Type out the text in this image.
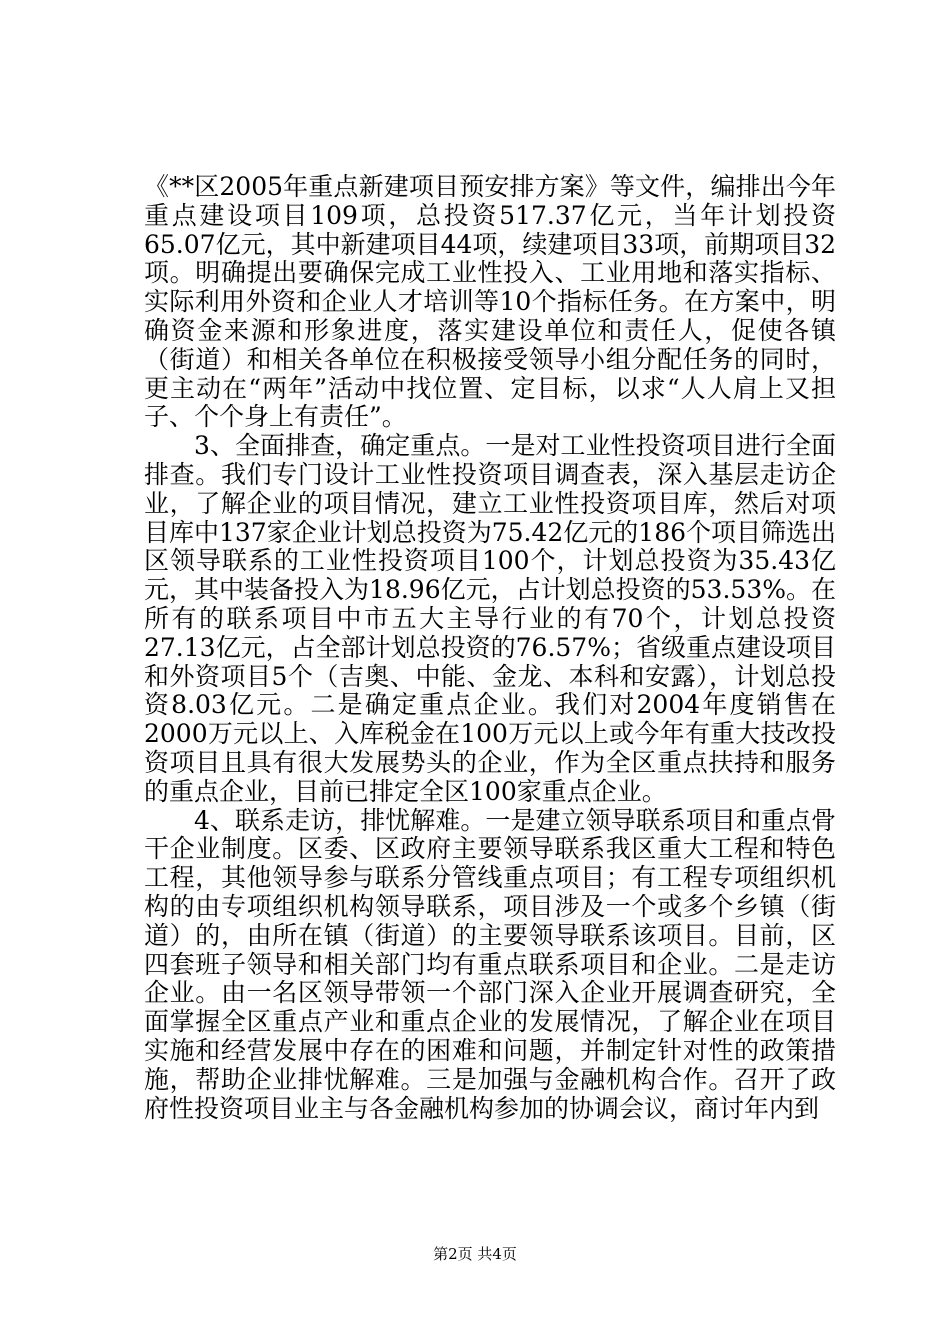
《**区2005年重点新建项目预安排方案》等文件，编排出今年重点建设项目109项，总投资517.37亿元，当年计划投资65.07亿元，其中新建项目44项，续建项目33项，前期项目32项。明确提出要确保完成工业性投入、工业用地和落实指标、实际利用外资和企业人才培训等10个指标任务。在方案中，明确资金来源和形象进度，落实建设单位和责任人，促使各镇（街道）和相关各单位在积极接受领导小组分配任务的同时，更主动在“两年”活动中找位置、定目标，以求“人人肩上又担子、个个身上有责任”。

3、全面排查，确定重点。一是对工业性投资项目进行全面排查。我们专门设计工业性投资项目调查表，深入基层走访企业，了解企业的项目情况，建立工业性投资项目库，然后对项目库中137家企业计划总投资为75.42亿元的186个项目筛选出区领导联系的工业性投资项目100个，计划总投资为35.43亿元，其中装备投入为18.96亿元，占计划总投资的53.53%。在所有的联系项目中市五大主导行业的有70个，计划总投资27.13亿元，占全部计划总投资的76.57%；省级重点建设项目和外资项目5个（吉奥、中能、金龙、本科和安露），计划总投资8.03亿元。二是确定重点企业。我们对2004年度销售在2000万元以上、入库税金在100万元以上或今年有重大技改投资项目且具有很大发展势头的企业，作为全区重点扶持和服务的重点企业，目前已排定全区100家重点企业。

4、联系走访，排忧解难。一是建立领导联系项目和重点骨干企业制度。区委、区政府主要领导联系我区重大工程和特色工程，其他领导参与联系分管线重点项目；有工程专项组织机构的由专项组织机构领导联系，项目涉及一个或多个乡镇（街道）的，由所在镇（街道）的主要领导联系该项目。目前，区四套班子领导和相关部门均有重点联系项目和企业。二是走访企业。由一名区领导带领一个部门深入企业开展调查研究，全面掌握全区重点产业和重点企业的发展情况，了解企业在项目实施和经营发展中存在的困难和问题，并制定针对性的政策措施，帮助企业排忧解难。三是加强与金融机构合作。召开了政府性投资项目业主与各金融机构参加的协调会议，商讨年内到

第2页 共4页
